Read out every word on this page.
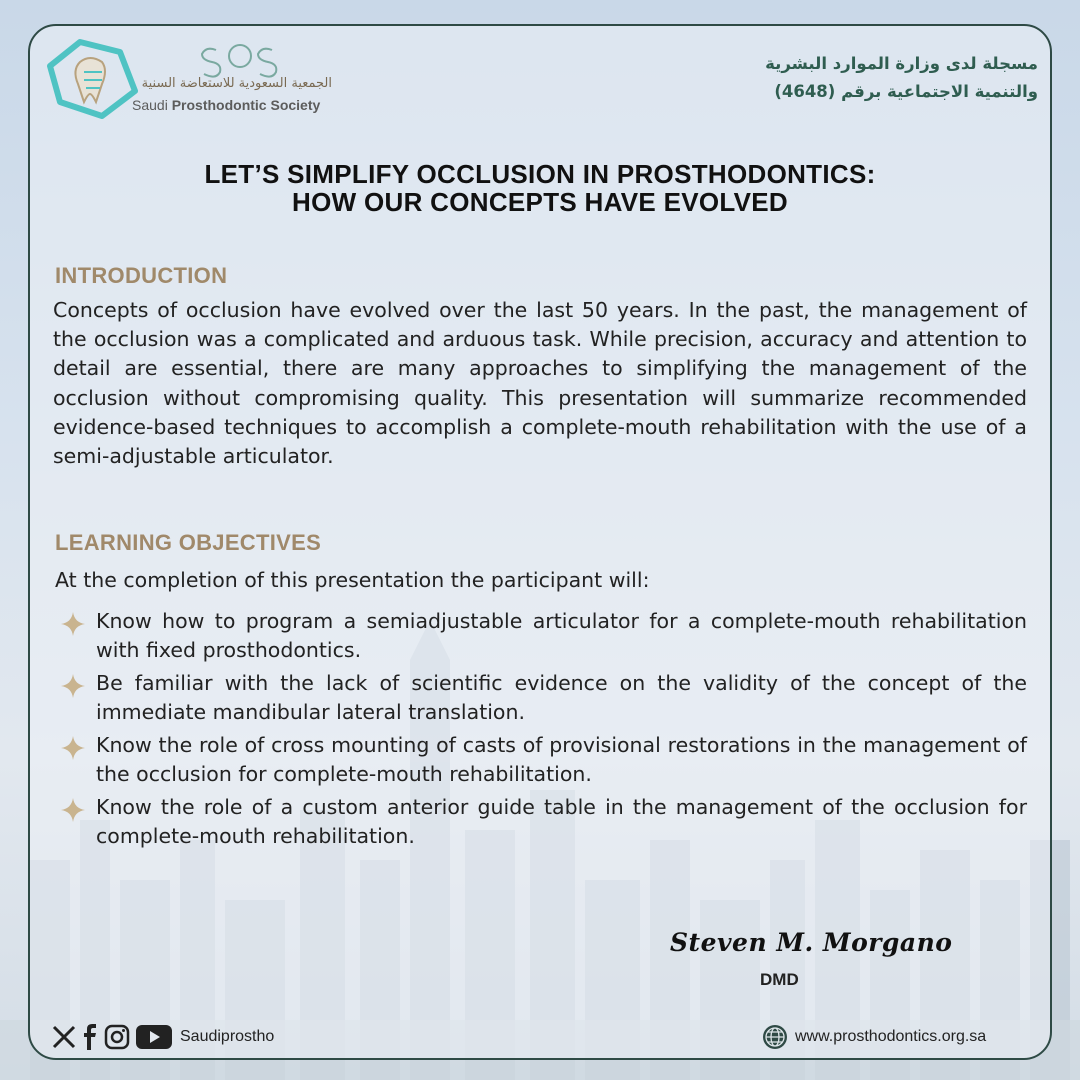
الجمعية السعودية للاستعاضة السنية
Saudi Prosthodontic Society
مسجلة لدى وزارة الموارد البشرية
والتنمية الاجتماعية برقم (4648)
LET’S SIMPLIFY OCCLUSION IN PROSTHODONTICS:
HOW OUR CONCEPTS HAVE EVOLVED
INTRODUCTION
Concepts of occlusion have evolved over the last 50 years. In the past, the management of the occlusion was a complicated and arduous task. While precision, accuracy and attention to detail are essential, there are many approaches to simplifying the management of the occlusion without compromising quality. This presentation will summarize recommended evidence-based techniques to accomplish a complete-mouth rehabilitation with the use of a semi-adjustable articulator.
LEARNING OBJECTIVES
At the completion of this presentation the participant will:
Know how to program a semiadjustable articulator for a complete-mouth rehabilitation with fixed prosthodontics.
Be familiar with the lack of scientific evidence on the validity of the concept of the immediate mandibular lateral translation.
Know the role of cross mounting of casts of provisional restorations in the management of the occlusion for complete-mouth rehabilitation.
Know the role of a custom anterior guide table in the management of the occlusion for complete-mouth rehabilitation.
Steven M. Morgano
DMD
Saudiprostho	www.prosthodontics.org.sa
